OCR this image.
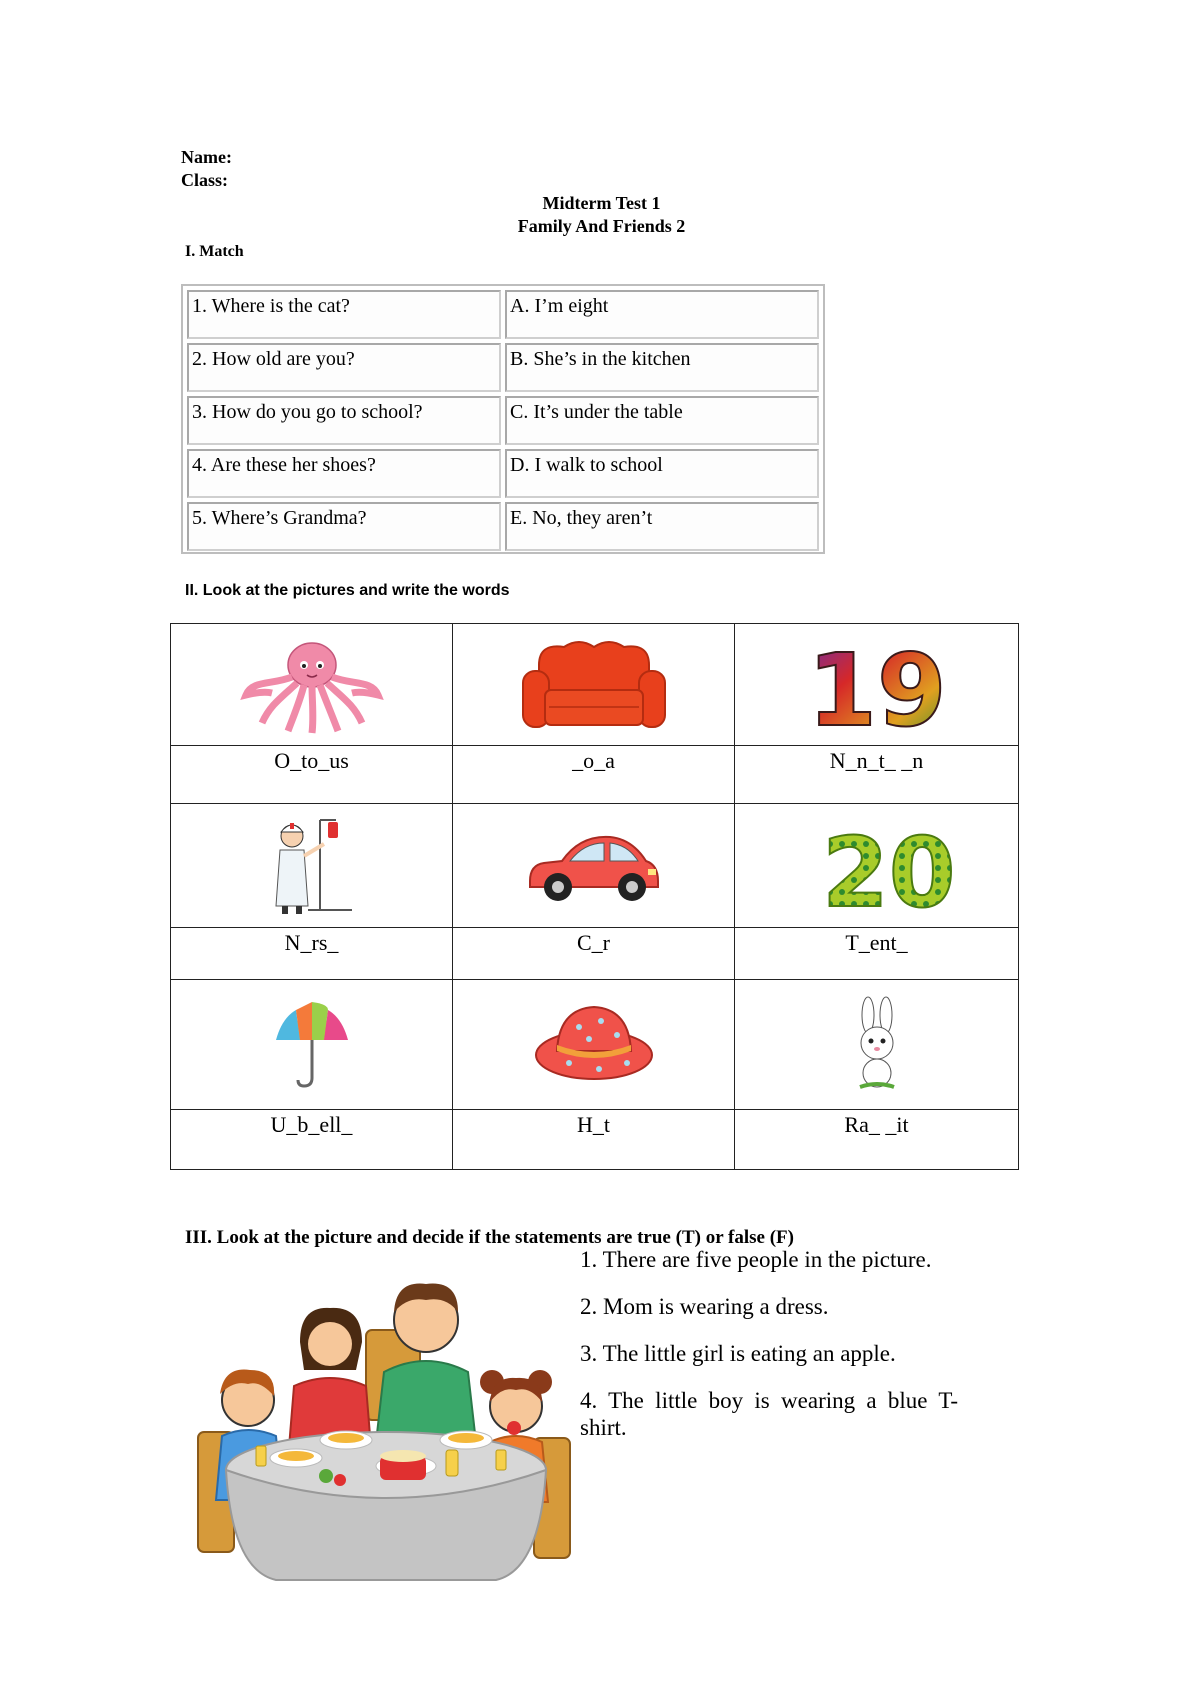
Name:
Class:
Midterm Test 1
Family And Friends 2
I. Match
1. Where is the cat?	A. I’m eight
2. How old are you?	B. She’s in the kitchen
3. How do you go to school?	C. It’s under the table
4. Are these her shoes?	D. I walk to school
5. Where’s Grandma?	E. No, they aren’t
II. Look at the pictures and write the words

19

O_to_us	_o_a	N_n_t_ _n

20

N_rs_	C_r	T_ent_

U_b_ell_	H_t	Ra_ _it
III. Look at the picture and decide if the statements are true (T) or false (F)
1. There are five people in the picture.
2. Mom is wearing a dress.
3. The little girl is eating an apple.
4. The little boy is wearing a blue T-shirt.
